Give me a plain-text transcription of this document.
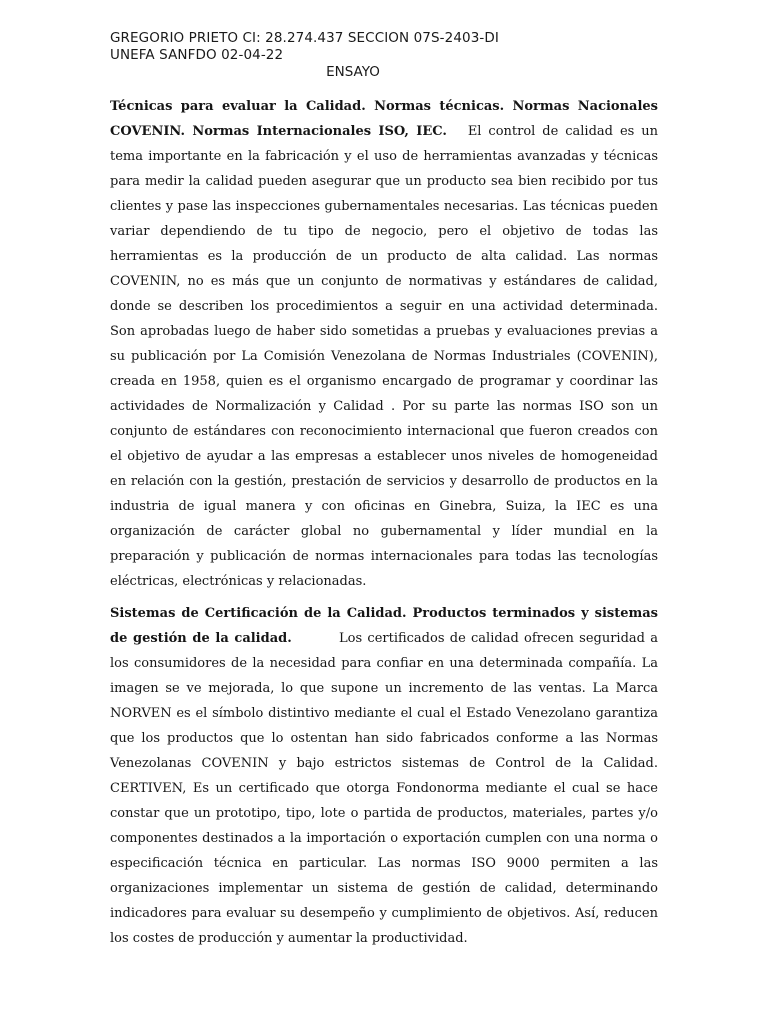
GREGORIO PRIETO CI: 28.274.437 SECCION 07S-2403-DI
UNEFA SANFDO 02-04-22
ENSAYO

Técnicas para evaluar la Calidad. Normas técnicas. Normas Nacionales COVENIN. Normas Internacionales ISO, IEC. El control de calidad es un tema importante en la fabricación y el uso de herramientas avanzadas y técnicas para medir la calidad pueden asegurar que un producto sea bien recibido por tus clientes y pase las inspecciones gubernamentales necesarias. Las técnicas pueden variar dependiendo de tu tipo de negocio, pero el objetivo de todas las herramientas es la producción de un producto de alta calidad. Las normas COVENIN, no es más que un conjunto de normativas y estándares de calidad, donde se describen los procedimientos a seguir en una actividad determinada. Son aprobadas luego de haber sido sometidas a pruebas y evaluaciones previas a su publicación por La Comisión Venezolana de Normas Industriales (COVENIN), creada en 1958, quien es el organismo encargado de programar y coordinar las actividades de Normalización y Calidad . Por su parte las normas ISO son un conjunto de estándares con reconocimiento internacional que fueron creados con el objetivo de ayudar a las empresas a establecer unos niveles de homogeneidad en relación con la gestión, prestación de servicios y desarrollo de productos en la industria de igual manera y con oficinas en Ginebra, Suiza, la IEC es una organización de carácter global no gubernamental y líder mundial en la preparación y publicación de normas internacionales para todas las tecnologías eléctricas, electrónicas y relacionadas.

Sistemas de Certificación de la Calidad. Productos terminados y sistemas de gestión de la calidad.	Los certificados de calidad ofrecen seguridad a los consumidores de la necesidad para confiar en una determinada compañía. La imagen se ve mejorada, lo que supone un incremento de las ventas. La Marca NORVEN es el símbolo distintivo mediante el cual el Estado Venezolano garantiza que los productos que lo ostentan han sido fabricados conforme a las Normas Venezolanas COVENIN y bajo estrictos sistemas de Control de la Calidad. CERTIVEN, Es un certificado que otorga Fondonorma mediante el cual se hace constar que un prototipo, tipo, lote o partida de productos, materiales, partes y/o componentes destinados a la importación o exportación cumplen con una norma o especificación técnica en particular. Las normas ISO 9000 permiten a las organizaciones implementar un sistema de gestión de calidad, determinando indicadores para evaluar su desempeño y cumplimiento de objetivos. Así, reducen los costes de producción y aumentar la productividad.
